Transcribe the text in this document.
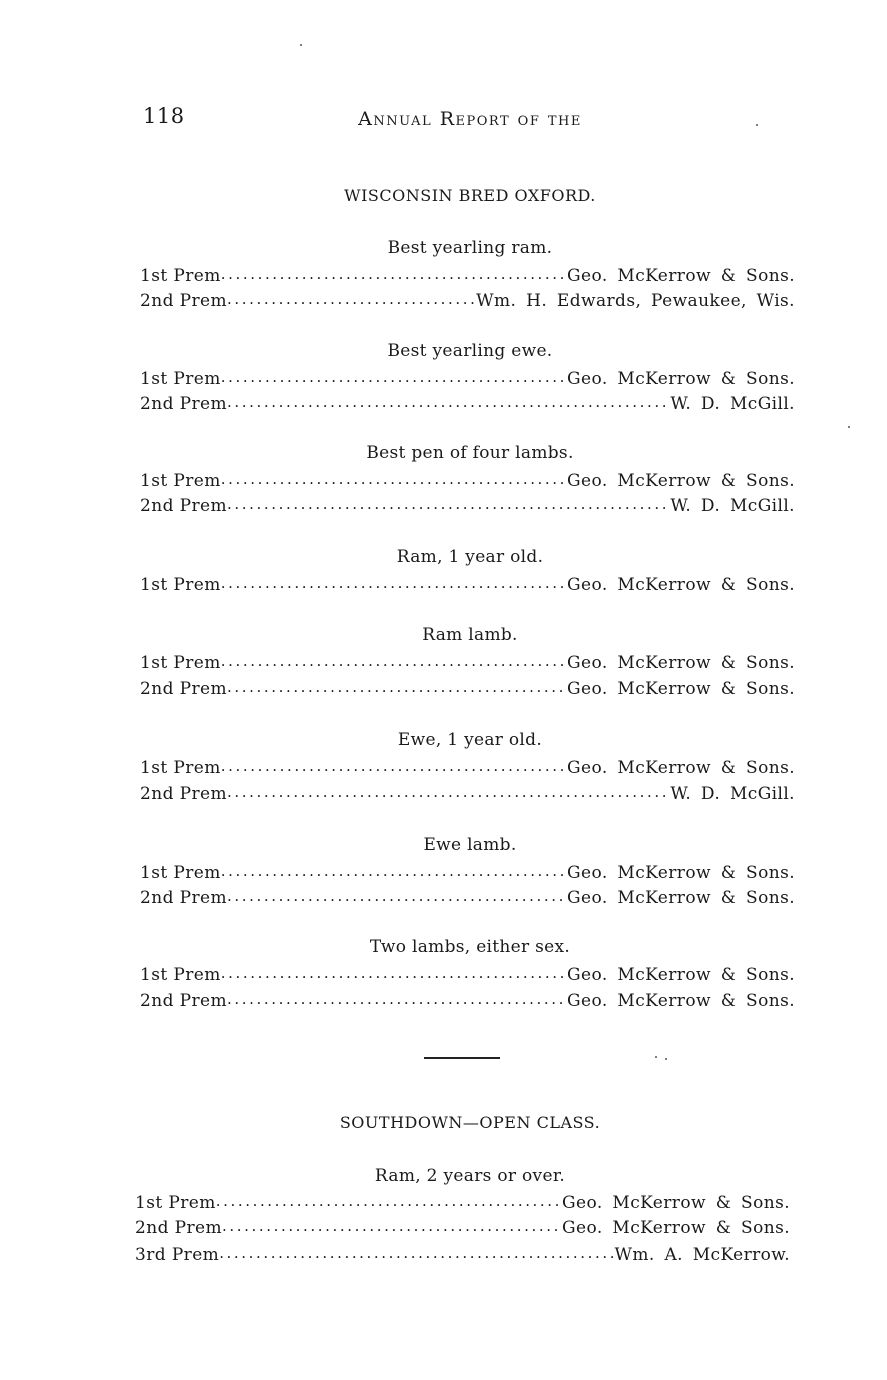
118	Annual Report of the
WISCONSIN BRED OXFORD.
Best yearling ram.
1st Prem .....	Geo. McKerrow & Sons.
2nd Prem .....	Wm. H. Edwards, Pewaukee, Wis.
Best yearling ewe.
1st Prem .....	Geo. McKerrow & Sons.
2nd Prem .....	W. D. McGill.
Best pen of four lambs.
1st Prem .....	Geo. McKerrow & Sons.
2nd Prem .....	W. D. McGill.
Ram, 1 year old.
1st Prem .....	Geo. McKerrow & Sons.
Ram lamb.
1st Prem .....	Geo. McKerrow & Sons.
2nd Prem .....	Geo. McKerrow & Sons.
Ewe, 1 year old.
1st Prem .....	Geo. McKerrow & Sons.
2nd Prem .....	W. D. McGill.
Ewe lamb.
1st Prem .....	Geo. McKerrow & Sons.
2nd Prem .....	Geo. McKerrow & Sons.
Two lambs, either sex.
1st Prem .....	Geo. McKerrow & Sons.
2nd Prem .....	Geo. McKerrow & Sons.
SOUTHDOWN—OPEN CLASS.
Ram, 2 years or over.
1st Prem .....	Geo. McKerrow & Sons.
2nd Prem .....	Geo. McKerrow & Sons.
3rd Prem .....	Wm. A. McKerrow.
